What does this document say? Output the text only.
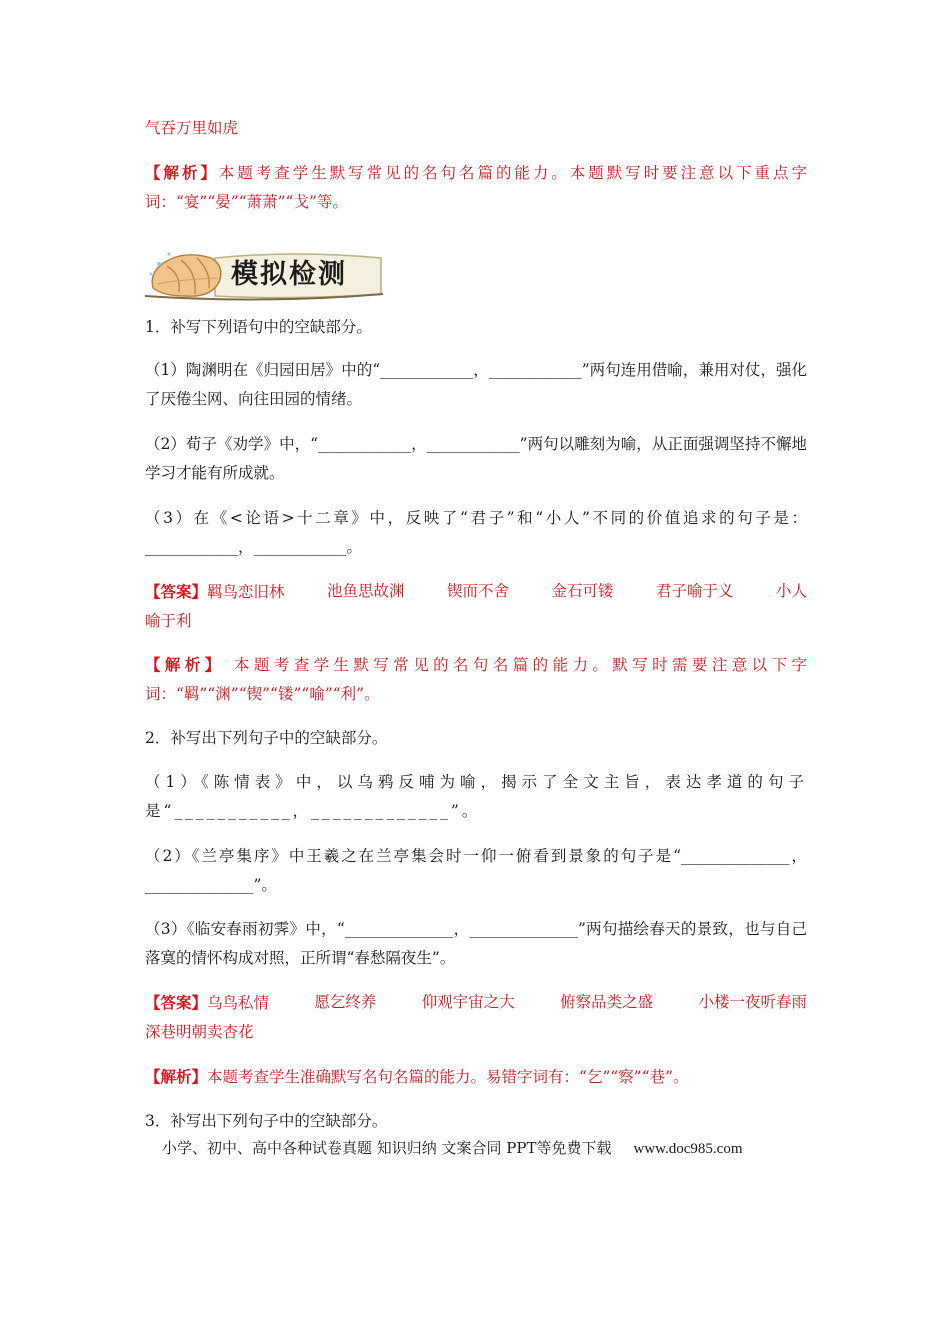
气吞万里如虎
【解析】本题考查学生默写常见的名句名篇的能力。本题默写时要注意以下重点字词：“宴”“晏”“萧萧”“戈”等。
模拟检测
1．补写下列语句中的空缺部分。
（1）陶渊明在《归园田居》中的“____________，____________”两句连用借喻，兼用对仗，强化了厌倦尘网、向往田园的情绪。
（2）荀子《劝学》中，“____________，____________”两句以雕刻为喻，从正面强调坚持不懈地学习才能有所成就。
（3）在《<论语>十二章》中，反映了“君子”和“小人”不同的价值追求的句子是：____________，____________。
【答案】羁鸟恋旧林	池鱼思故渊	锲而不舍	金石可镂	君子喻于义	小人
喻于利
【解析】 本题考查学生默写常见的名句名篇的能力。默写时需要注意以下字词：“羁”“渊”“锲”“镂”“喻”“利”。
2．补写出下列句子中的空缺部分。
（1）《陈情表》中，以乌鸦反哺为喻，揭示了全文主旨，表达孝道的句子是“___________，_____________”。
（2）《兰亭集序》中王羲之在兰亭集会时一仰一俯看到景象的句子是“______________，______________”。
（3）《临安春雨初霁》中，“______________，______________”两句描绘春天的景致，也与自己落寞的情怀构成对照，正所谓“春愁隔夜生”。
【答案】乌鸟私情	愿乞终养	仰观宇宙之大	俯察品类之盛	小楼一夜听春雨
深巷明朝卖杏花
【解析】本题考查学生准确默写名句名篇的能力。易错字词有：“乞”“察”“巷”。
3．补写出下列句子中的空缺部分。
小学、初中、高中各种试卷真题 知识归纳 文案合同 PPT等免费下载 www.doc985.com
